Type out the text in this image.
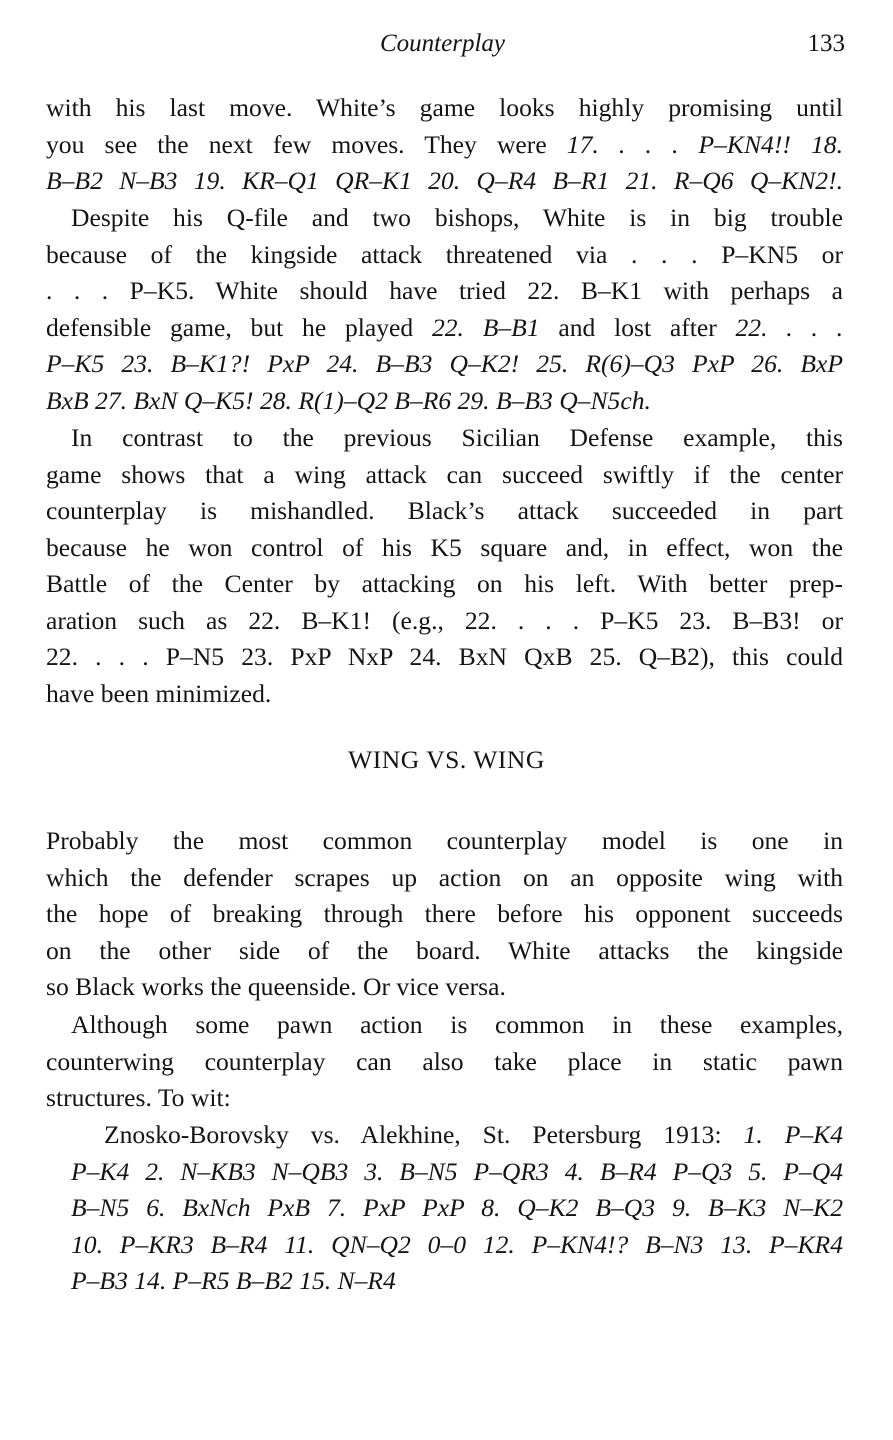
Counterplay	133
with his last move. White’s game looks highly promising until
you see the next few moves. They were 17. . . . P–KN4!! 18.
B–B2 N–B3 19. KR–Q1 QR–K1 20. Q–R4 B–R1 21. R–Q6 Q–KN2!.
Despite his Q-file and two bishops, White is in big trouble
because of the kingside attack threatened via . . . P–KN5 or
. . . P–K5. White should have tried 22. B–K1 with perhaps a
defensible game, but he played 22. B–B1 and lost after 22. . . .
P–K5 23. B–K1?! PxP 24. B–B3 Q–K2! 25. R(6)–Q3 PxP 26. BxP
BxB 27. BxN Q–K5! 28. R(1)–Q2 B–R6 29. B–B3 Q–N5ch.
In contrast to the previous Sicilian Defense example, this
game shows that a wing attack can succeed swiftly if the center
counterplay is mishandled. Black’s attack succeeded in part
because he won control of his K5 square and, in effect, won the
Battle of the Center by attacking on his left. With better prep-
aration such as 22. B–K1! (e.g., 22. . . . P–K5 23. B–B3! or
22. . . . P–N5 23. PxP NxP 24. BxN QxB 25. Q–B2), this could
have been minimized.
WING VS. WING
Probably the most common counterplay model is one in
which the defender scrapes up action on an opposite wing with
the hope of breaking through there before his opponent succeeds
on the other side of the board. White attacks the kingside
so Black works the queenside. Or vice versa.
Although some pawn action is common in these examples,
counterwing counterplay can also take place in static pawn
structures. To wit:
Znosko-Borovsky vs. Alekhine, St. Petersburg 1913: 1. P–K4
P–K4 2. N–KB3 N–QB3 3. B–N5 P–QR3 4. B–R4 P–Q3 5. P–Q4
B–N5 6. BxNch PxB 7. PxP PxP 8. Q–K2 B–Q3 9. B–K3 N–K2
10. P–KR3 B–R4 11. QN–Q2 0–0 12. P–KN4!? B–N3 13. P–KR4
P–B3 14. P–R5 B–B2 15. N–R4
